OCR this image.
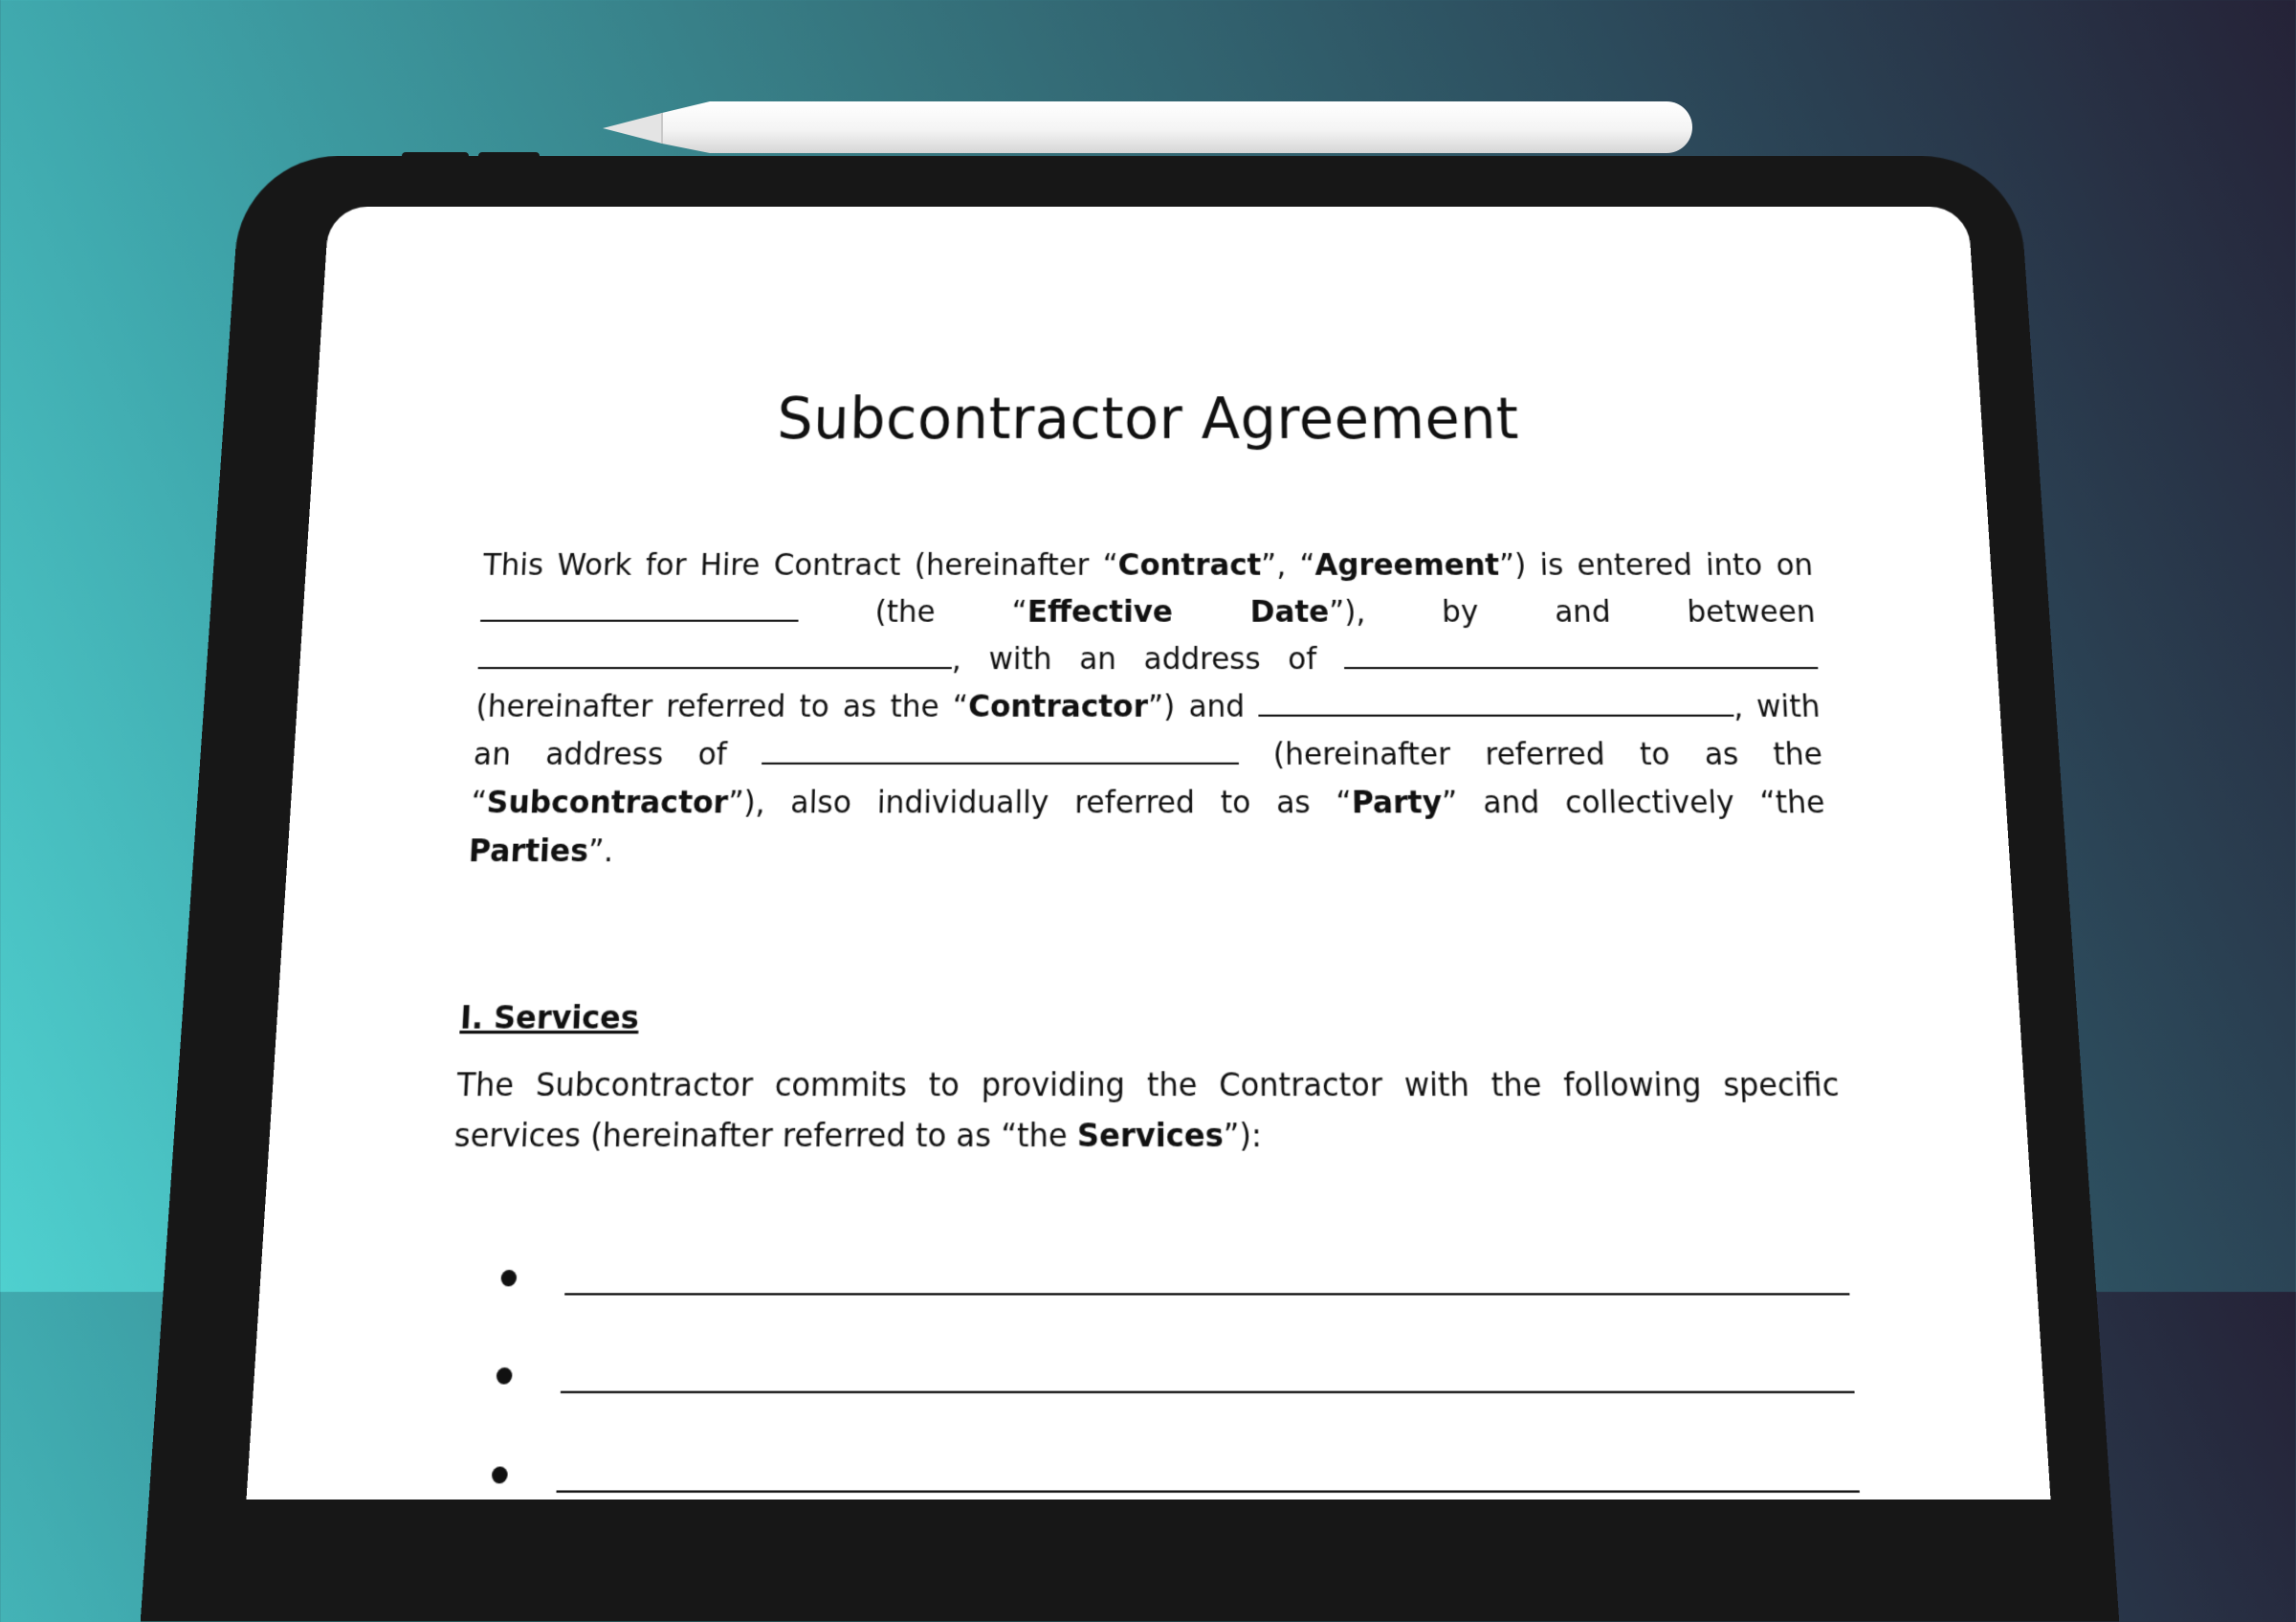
Subcontractor Agreement

This Work for Hire Contract (hereinafter “Contract”, “Agreement”) is entered into on  (the “Effective Date”), by and between , with an address of  (hereinafter referred to as the “Contractor”) and	, with an address of	(hereinafter referred to as the “Subcontractor”), also individually referred to as “Party” and collectively “the Parties”.

I. Services

The Subcontractor commits to providing the Contractor with the following specific services (hereinafter referred to as “the Services”):
